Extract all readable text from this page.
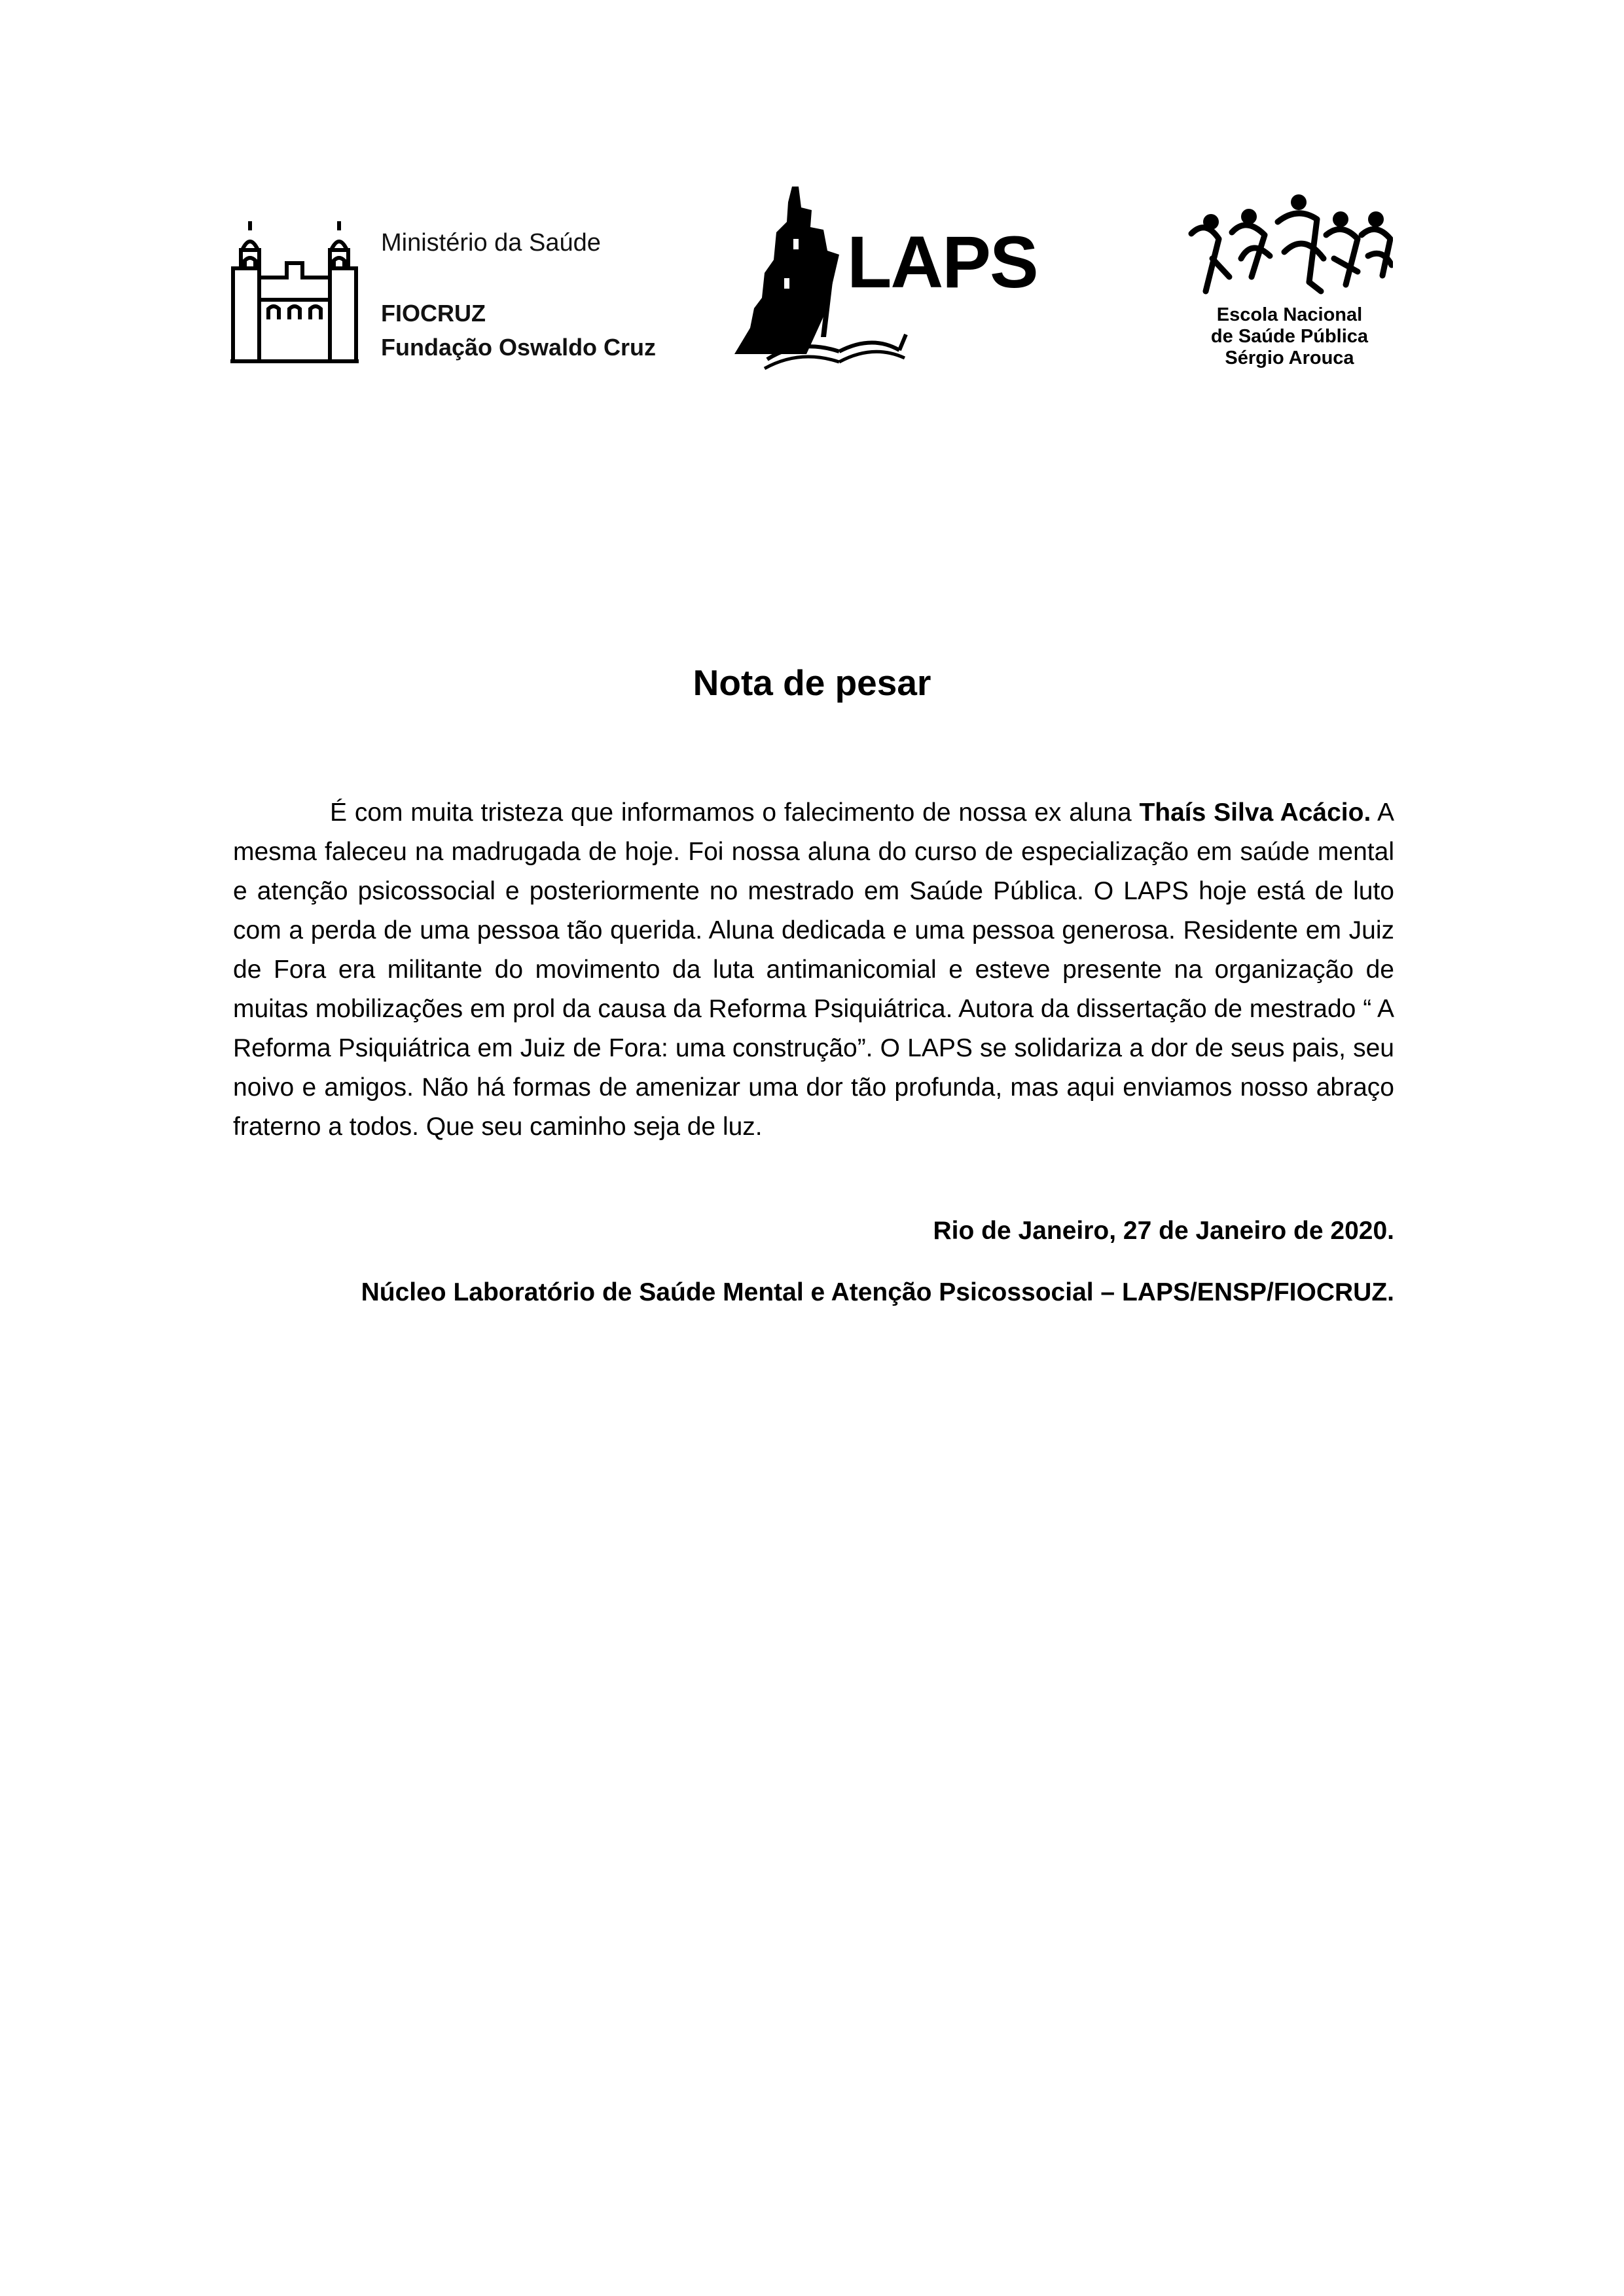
Ministério da Saúde
FIOCRUZ
Fundação Oswaldo Cruz
LAPS
Escola Nacional
de Saúde Pública
Sérgio Arouca
Nota de pesar

É com muita tristeza que informamos o falecimento de nossa ex aluna Thaís Silva Acácio. A mesma faleceu na madrugada de hoje. Foi nossa aluna do curso de especialização em saúde mental e atenção psicossocial e posteriormente no mestrado em Saúde Pública. O LAPS hoje está de luto com a perda de uma pessoa tão querida. Aluna dedicada e uma pessoa generosa. Residente em Juiz de Fora era militante do movimento da luta antimanicomial e esteve presente na organização de muitas mobilizações em prol da causa da Reforma Psiquiátrica. Autora da dissertação de mestrado “ A Reforma Psiquiátrica em Juiz de Fora: uma construção”. O LAPS se solidariza a dor de seus pais, seu noivo e amigos. Não há formas de amenizar uma dor tão profunda, mas aqui enviamos nosso abraço fraterno a todos. Que seu caminho seja de luz.

Rio de Janeiro, 27 de Janeiro de 2020.

Núcleo Laboratório de Saúde Mental e Atenção Psicossocial – LAPS/ENSP/FIOCRUZ.
